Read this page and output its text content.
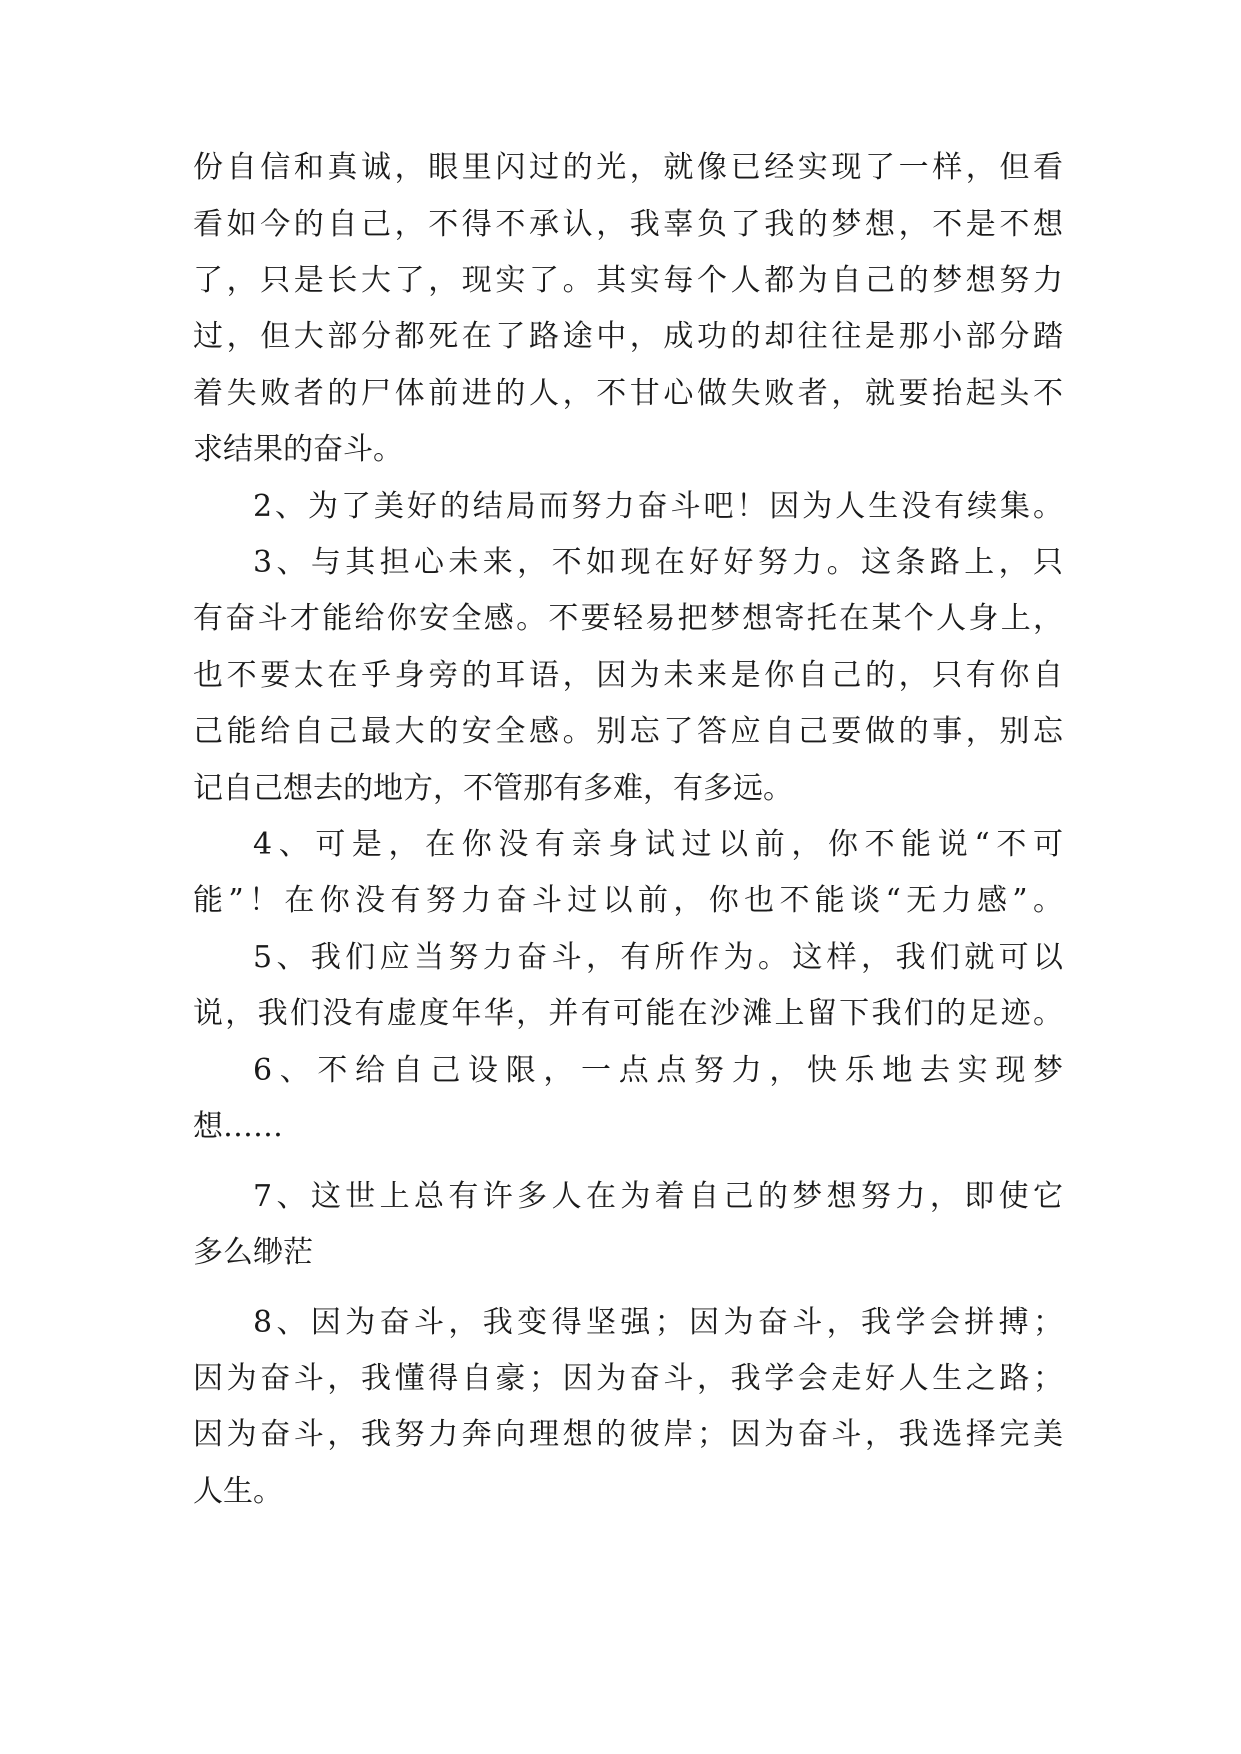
份自信和真诚，眼里闪过的光，就像已经实现了一样，但看
看如今的自己，不得不承认，我辜负了我的梦想，不是不想
了，只是长大了，现实了。其实每个人都为自己的梦想努力
过，但大部分都死在了路途中，成功的却往往是那小部分踏
着失败者的尸体前进的人，不甘心做失败者，就要抬起头不
求结果的奋斗。
2、为了美好的结局而努力奋斗吧！因为人生没有续集。
3、与其担心未来，不如现在好好努力。这条路上，只
有奋斗才能给你安全感。不要轻易把梦想寄托在某个人身上，
也不要太在乎身旁的耳语，因为未来是你自己的，只有你自
己能给自己最大的安全感。别忘了答应自己要做的事，别忘
记自己想去的地方，不管那有多难，有多远。
4、可是，在你没有亲身试过以前，你不能说“不可
能”！在你没有努力奋斗过以前，你也不能谈“无力感”。
5、我们应当努力奋斗，有所作为。这样，我们就可以
说，我们没有虚度年华，并有可能在沙滩上留下我们的足迹。
6、不给自己设限，一点点努力，快乐地去实现梦
想……
7、这世上总有许多人在为着自己的梦想努力，即使它
多么缈茫
8、因为奋斗，我变得坚强；因为奋斗，我学会拼搏；
因为奋斗，我懂得自豪；因为奋斗，我学会走好人生之路；
因为奋斗，我努力奔向理想的彼岸；因为奋斗，我选择完美
人生。
